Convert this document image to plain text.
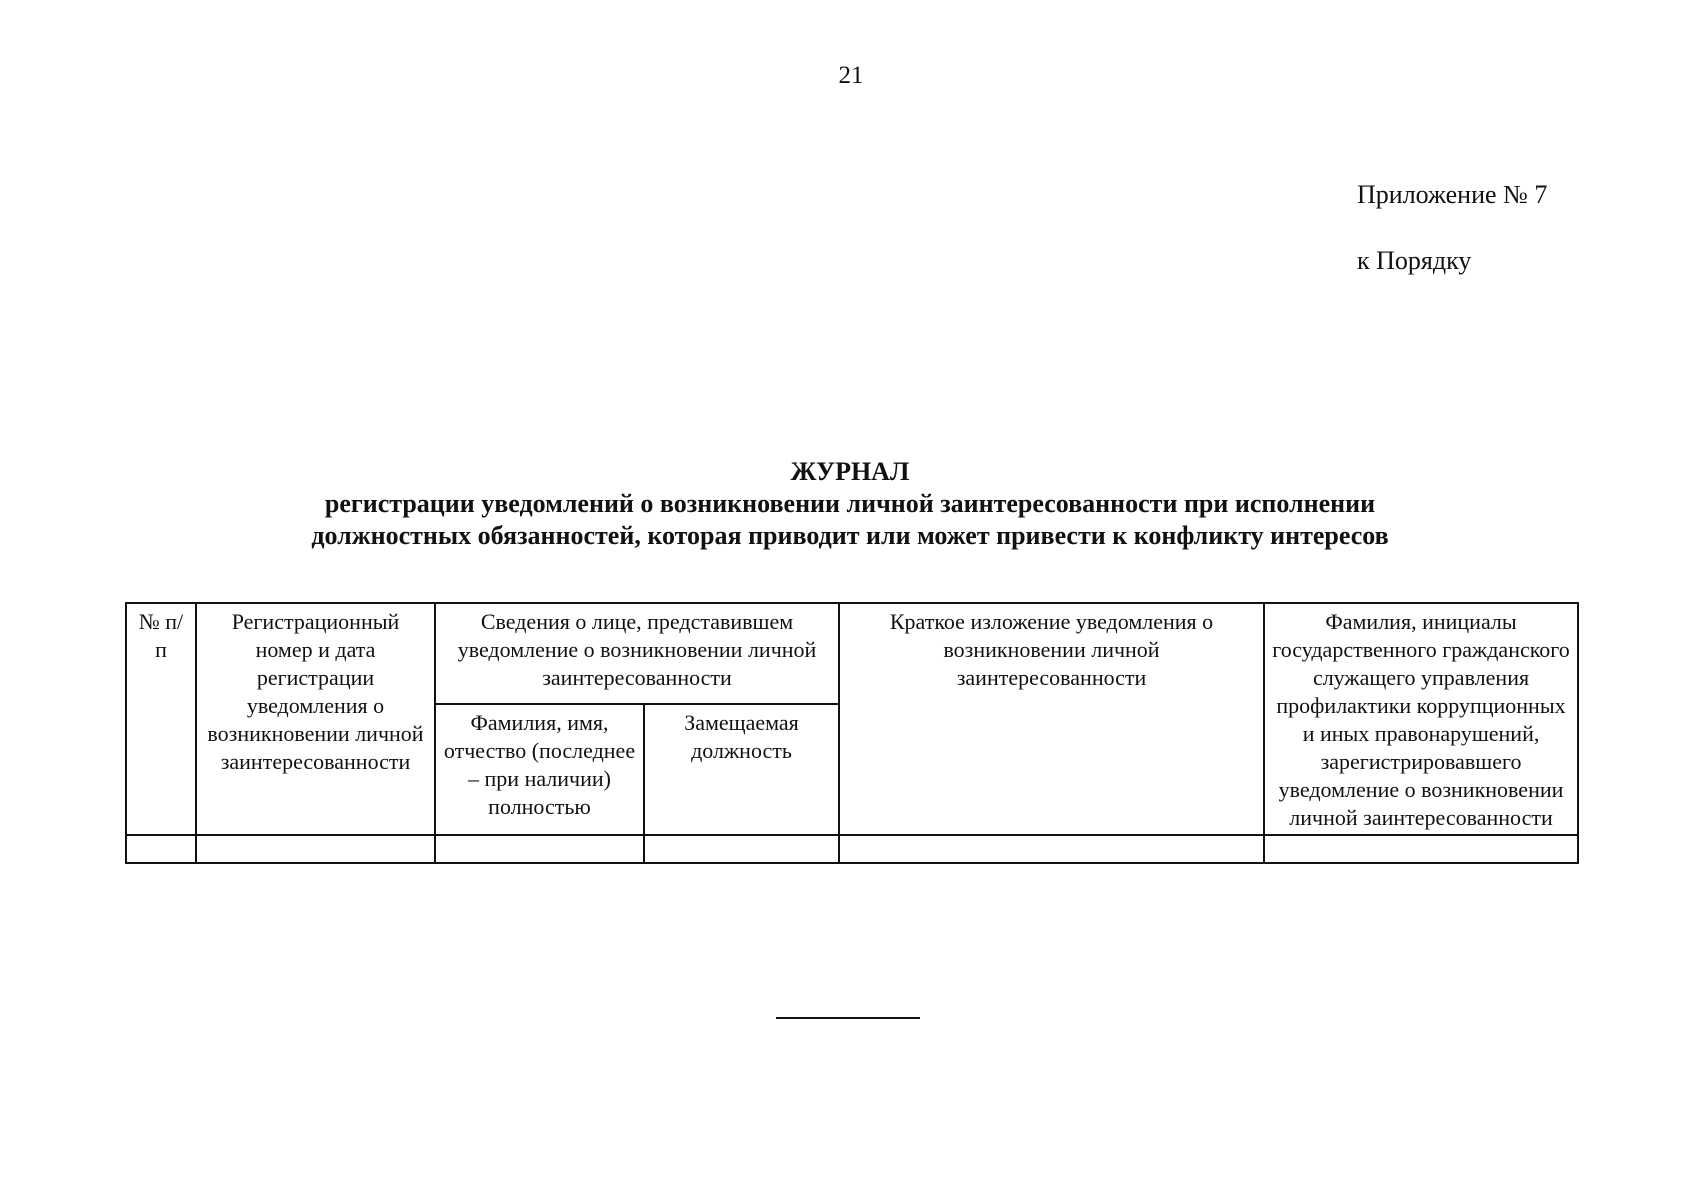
21
Приложение № 7
к Порядку
ЖУРНАЛ
регистрации уведомлений о возникновении личной заинтересованности при исполнении
должностных обязанностей, которая приводит или может привести к конфликту интересов
№ п/п	Регистрационный номер и дата регистрации уведомления о возникновении личной заинтересованности	Сведения о лице, представившем уведомление о возникновении личной заинтересованности		Краткое изложение уведомления о возникновении личной заинтересованности	Фамилия, инициалы государственного гражданского служащего управления профилактики коррупционных и иных правонарушений, зарегистрировавшего уведомление о возникновении личной заинтересованности
		Фамилия, имя, отчество (последнее – при наличии) полностью	Замещаемая должность		
